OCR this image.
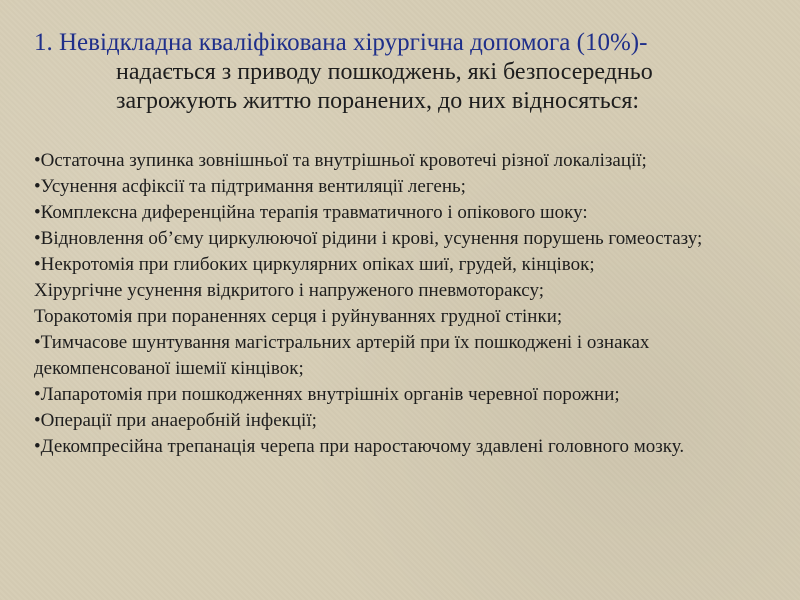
1. Невідкладна кваліфікована хірургічна допомога (10%)-

надається з приводу пошкоджень, які безпосередньо загрожують життю поранених, до них відносяться:

•Остаточна зупинка зовнішньої та внутрішньої кровотечі різної локалізації;
•Усунення асфіксії та підтримання вентиляції легень;
•Комплексна диференційна терапія травматичного і опікового шоку:
•Відновлення об’єму циркулюючої рідини і крові, усунення порушень гомеостазу;
•Некротомія при глибоких циркулярних опіках шиї, грудей, кінцівок;
Хірургічне усунення відкритого і напруженого пневмотораксу;
Торакотомія при пораненнях серця і руйнуваннях грудної стінки;
•Тимчасове шунтування магістральних артерій при їх пошкоджені і ознаках декомпенсованої ішемії кінцівок;
•Лапаротомія при пошкодженнях внутрішніх органів черевної порожни;
•Операції при анаеробній інфекції;
•Декомпресійна трепанація черепа при наростаючому здавлені головного мозку.
